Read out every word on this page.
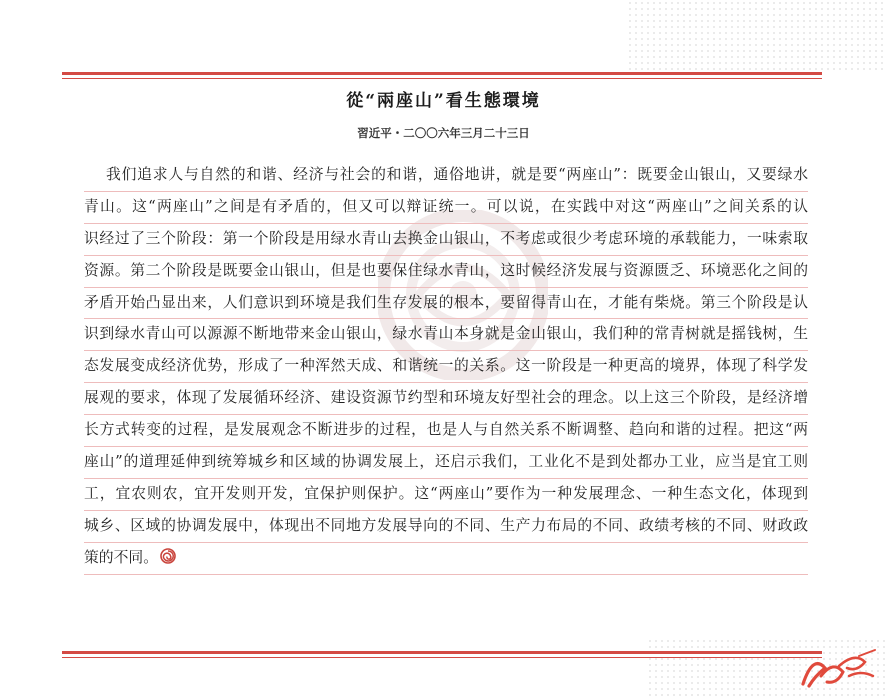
從“兩座山”看生態環境
習近平・二〇〇六年三月二十三日
我们追求人与自然的和谐、经济与社会的和谐，通俗地讲，就是要“两座山”：既要金山银山，又要绿水
青山。这“两座山”之间是有矛盾的，但又可以辩证统一。可以说，在实践中对这“两座山”之间关系的认
识经过了三个阶段：第一个阶段是用绿水青山去换金山银山，不考虑或很少考虑环境的承载能力，一味索取
资源。第二个阶段是既要金山银山，但是也要保住绿水青山，这时候经济发展与资源匮乏、环境恶化之间的
矛盾开始凸显出来，人们意识到环境是我们生存发展的根本，要留得青山在，才能有柴烧。第三个阶段是认
识到绿水青山可以源源不断地带来金山银山，绿水青山本身就是金山银山，我们种的常青树就是摇钱树，生
态发展变成经济优势，形成了一种浑然天成、和谐统一的关系。这一阶段是一种更高的境界，体现了科学发
展观的要求，体现了发展循环经济、建设资源节约型和环境友好型社会的理念。以上这三个阶段，是经济增
长方式转变的过程，是发展观念不断进步的过程，也是人与自然关系不断调整、趋向和谐的过程。把这“两
座山”的道理延伸到统筹城乡和区域的协调发展上，还启示我们，工业化不是到处都办工业，应当是宜工则
工，宜农则农，宜开发则开发，宜保护则保护。这“两座山”要作为一种发展理念、一种生态文化，体现到
城乡、区域的协调发展中，体现出不同地方发展导向的不同、生产力布局的不同、政绩考核的不同、财政政
策的不同。
